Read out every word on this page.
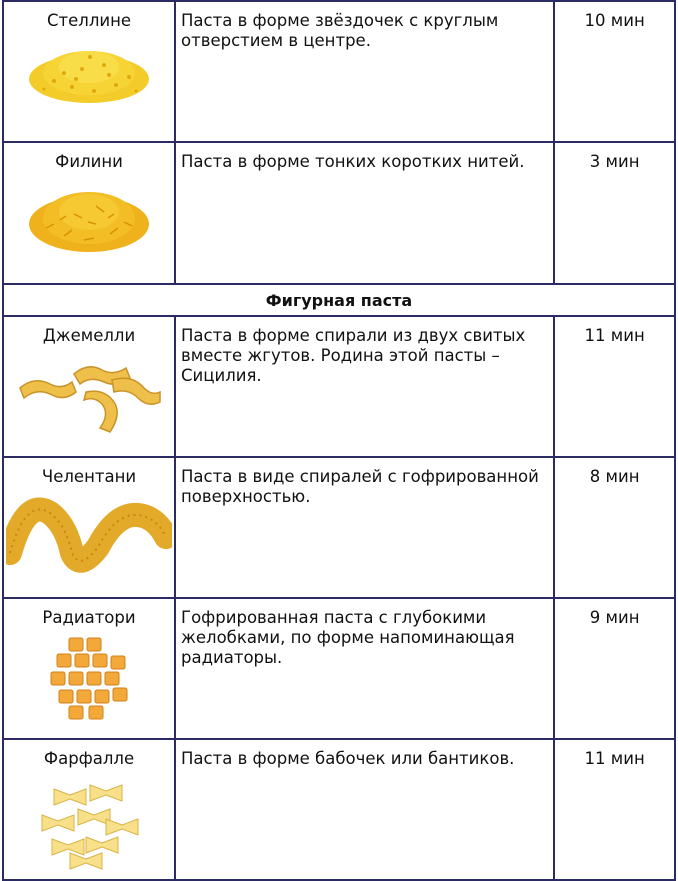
Стеллине	Паста в форме звёздочек с круглым отверстием в центре.	10 мин

Филини	Паста в форме тонких коротких нитей.	3 мин
Фигурная паста		

Джемелли	Паста в форме спирали из двух свитых вместе жгутов. Родина этой пасты – Сицилия.	11 мин

Челентани	Паста в виде спиралей с гофрированной поверхностью.	8 мин

Радиатори	Гофрированная паста с глубокими желобками, по форме напоминающая радиаторы.	9 мин

Фарфалле	Паста в форме бабочек или бантиков.	11 мин
